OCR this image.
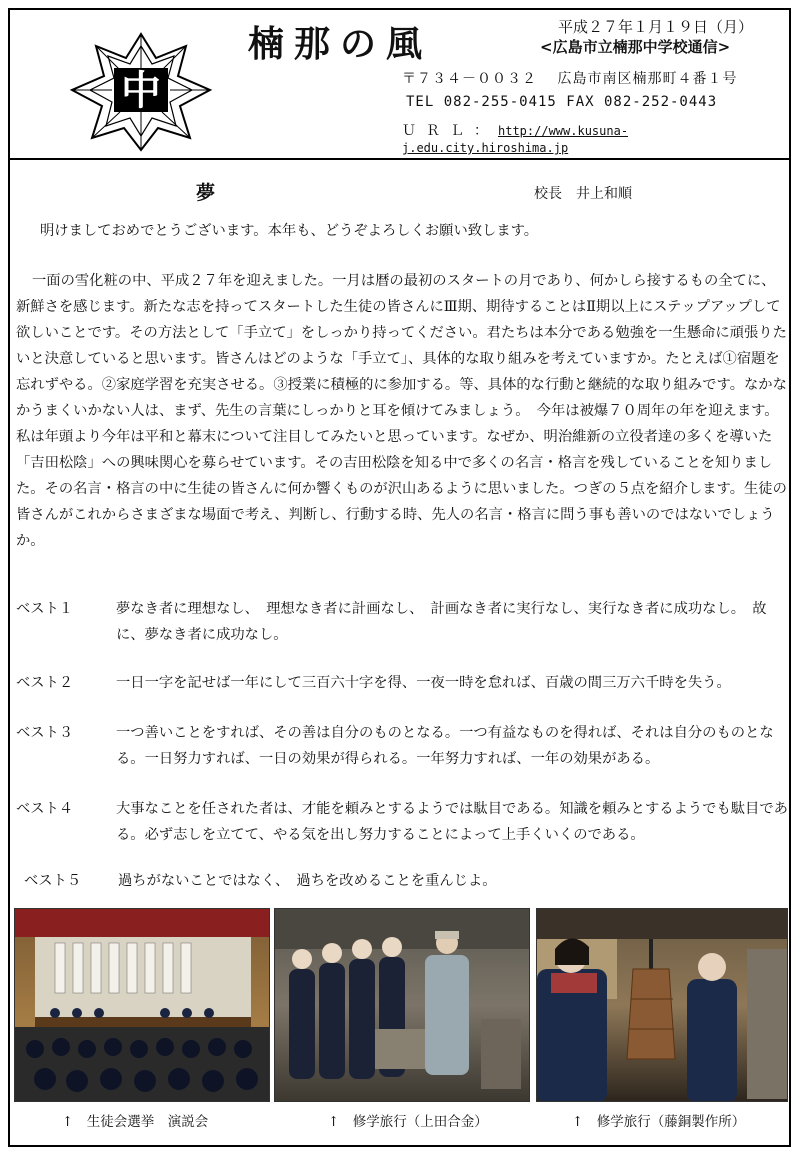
中
楠那の風	平成２７年１月１９日（月）
<広島市立楠那中学校通信>
〒７３４－００３２　 広島市南区楠那町４番１号
TEL 082-255-0415 FAX 082-252-0443
ＵＲＬ：http://www.kusuna-j.edu.city.hiroshima.jp
夢	校長　井上和順

明けましておめでとうございます。本年も、どうぞよろしくお願い致します。

一面の雪化粧の中、平成２７年を迎えました。一月は暦の最初のスタートの月であり、何かしら接するもの全てに、新鮮さを感じます。新たな志を持ってスタートした生徒の皆さんにⅢ期、期待することはⅡ期以上にステップアップして欲しいことです。その方法として「手立て」をしっかり持ってください。君たちは本分である勉強を一生懸命に頑張りたいと決意していると思います。皆さんはどのような「手立て」、具体的な取り組みを考えていますか。たとえば①宿題を忘れずやる。②家庭学習を充実させる。③授業に積極的に参加する。等、具体的な行動と継続的な取り組みです。なかなかうまくいかない人は、まず、先生の言葉にしっかりと耳を傾けてみましょう。　今年は被爆７０周年の年を迎えます。私は年頭より今年は平和と幕末について注目してみたいと思っています。なぜか、明治維新の立役者達の多くを導いた「吉田松陰」への興味関心を募らせています。その吉田松陰を知る中で多くの名言・格言を残していることを知りました。その名言・格言の中に生徒の皆さんに何か響くものが沢山あるように思いました。つぎの５点を紹介します。生徒の皆さんがこれからさまざまな場面で考え、判断し、行動する時、先人の名言・格言に問う事も善いのではないでしょうか。

ベスト１	夢なき者に理想なし、　理想なき者に計画なし、　計画なき者に実行なし、実行なき者に成功なし。　故に、夢なき者に成功なし。
ベスト２	一日一字を記せば一年にして三百六十字を得、一夜一時を怠れば、百歳の間三万六千時を失う。
ベスト３	一つ善いことをすれば、その善は自分のものとなる。一つ有益なものを得れば、それは自分のものとなる。一日努力すれば、一日の効果が得られる。一年努力すれば、一年の効果がある。
ベスト４	大事なことを任された者は、才能を頼みとするようでは駄目である。知識を頼みとするようでも駄目である。必ず志しを立てて、やる気を出し努力することによって上手くいくのである。
ベスト５	過ちがないことではなく、　過ちを改めることを重んじよ。
↑　生徒会選挙　演説会	↑　修学旅行（上田合金）	↑　修学旅行（藤銅製作所）
